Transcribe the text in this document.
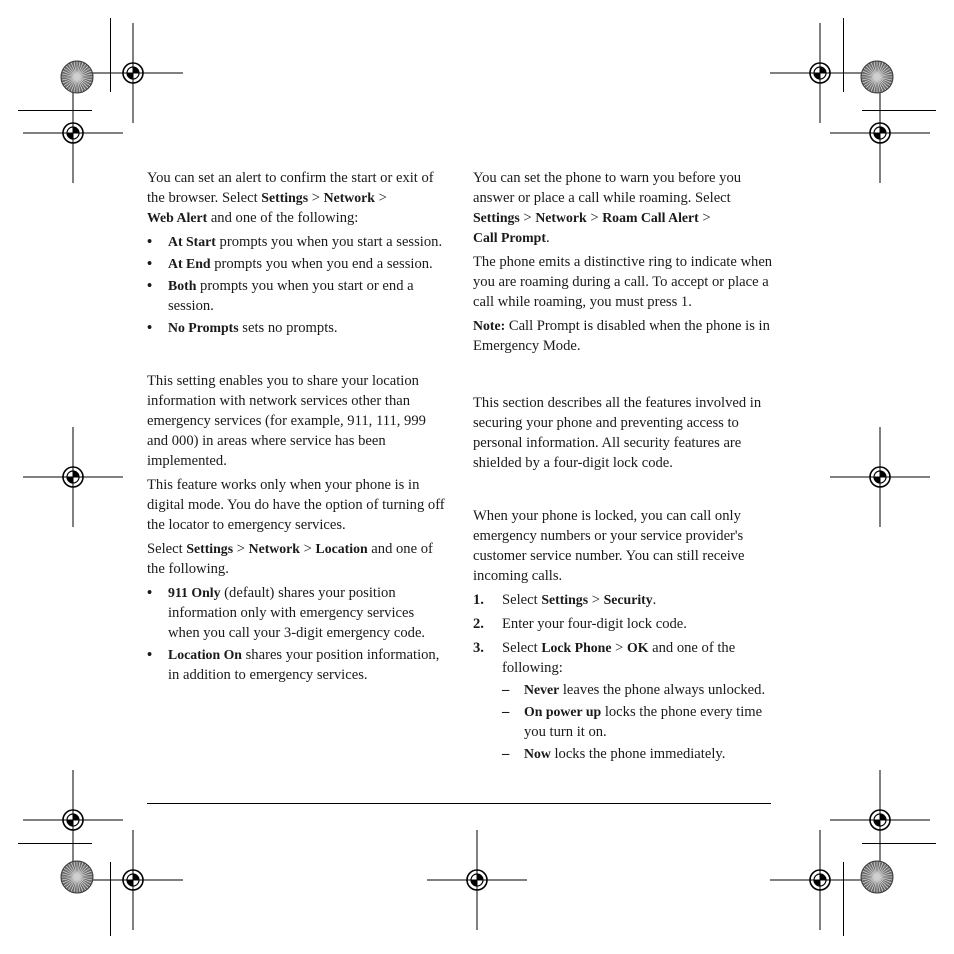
You can set an alert to confirm the start or exit of the browser. Select Settings > Network >
Web Alert and one of the following:

• At Start prompts you when you start a session.
• At End prompts you when you end a session.
• Both prompts you when you start or end a session.
• No Prompts sets no prompts.

This setting enables you to share your location information with network services other than emergency services (for example, 911, 111, 999 and 000) in areas where service has been implemented.

This feature works only when your phone is in digital mode. You do have the option of turning off the locator to emergency services.

Select Settings > Network > Location and one of the following.

• 911 Only (default) shares your position information only with emergency services when you call your 3-digit emergency code.
• Location On shares your position information, in addition to emergency services.

You can set the phone to warn you before you answer or place a call while roaming. Select Settings > Network > Roam Call Alert >
Call Prompt.

The phone emits a distinctive ring to indicate when you are roaming during a call. To accept or place a call while roaming, you must press 1.

Note: Call Prompt is disabled when the phone is in Emergency Mode.

This section describes all the features involved in securing your phone and preventing access to personal information. All security features are shielded by a four-digit lock code.

When your phone is locked, you can call only emergency numbers or your service provider's customer service number. You can still receive incoming calls.

1. Select Settings > Security.
2. Enter your four-digit lock code.
3. Select Lock Phone > OK and one of the following:
– Never leaves the phone always unlocked.
– On power up locks the phone every time you turn it on.
– Now locks the phone immediately.
